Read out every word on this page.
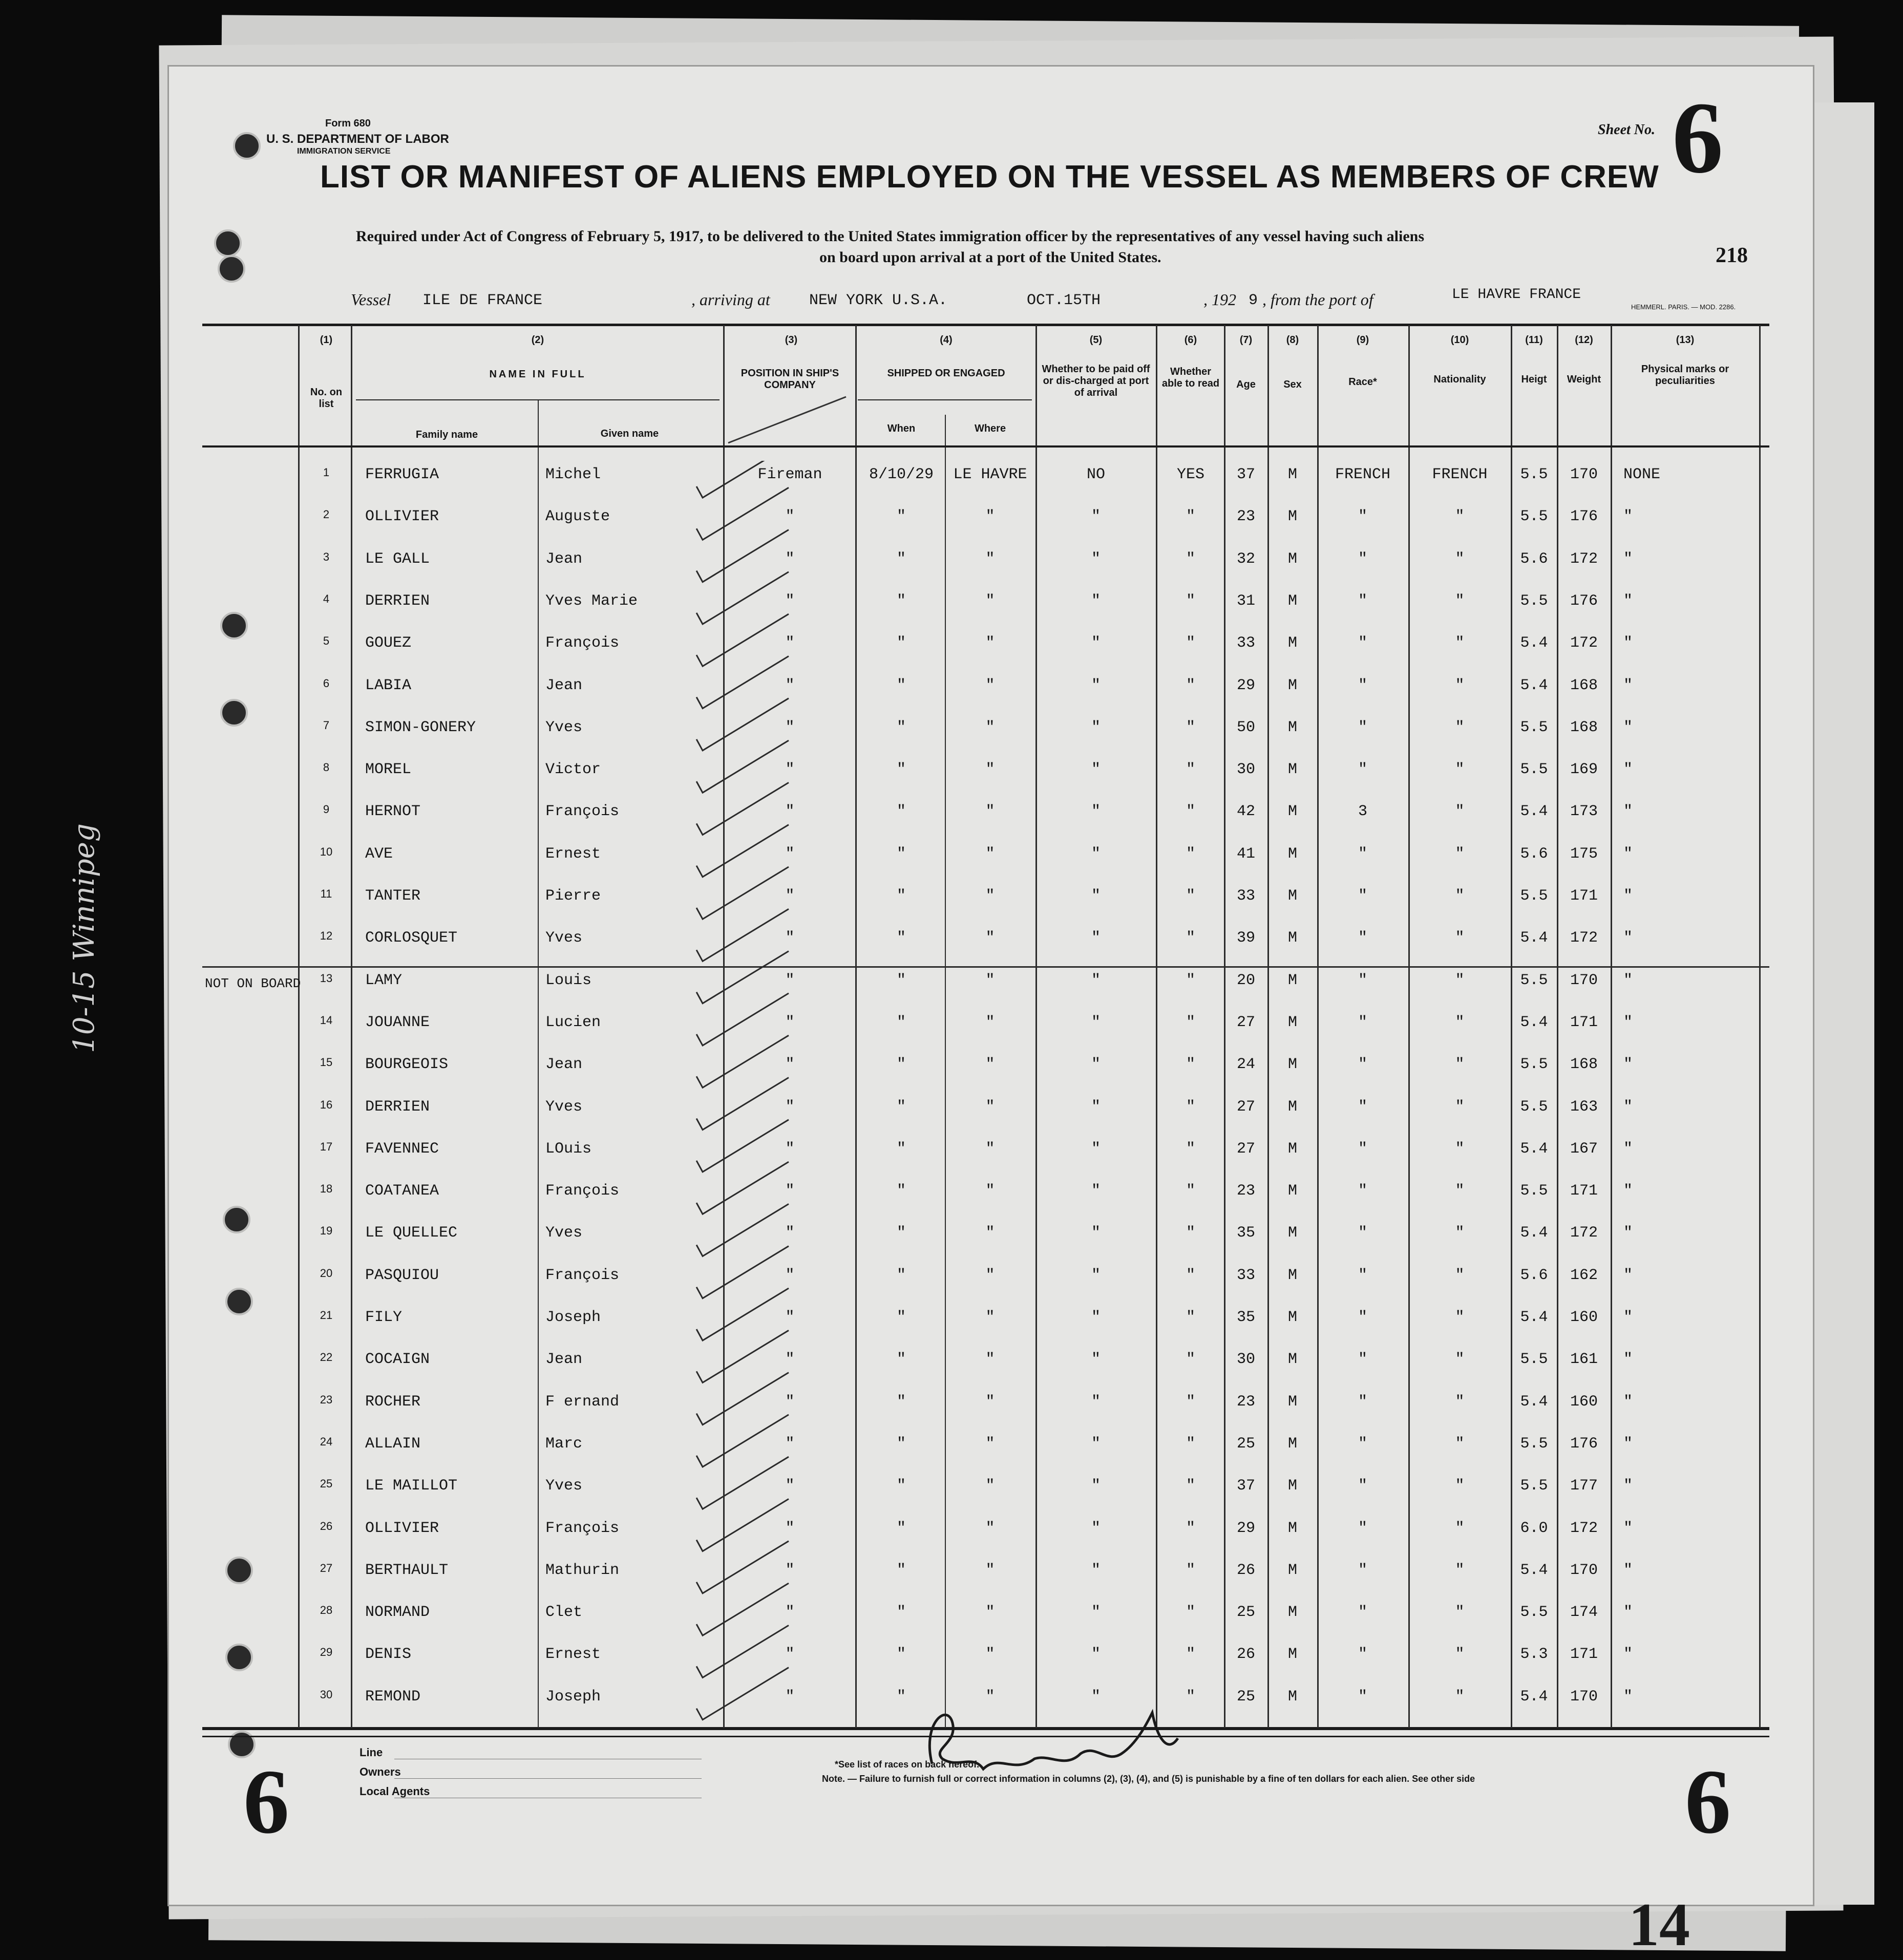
10-15 Winnipeg
Form 680
U. S. DEPARTMENT OF LABOR
IMMIGRATION SERVICE
Sheet No. 6
LIST OR MANIFEST OF ALIENS EMPLOYED ON THE VESSEL AS MEMBERS OF CREW
Required under Act of Congress of February 5, 1917, to be delivered to the United States immigration officer by the representatives of any vessel having such aliens
on board upon arrival at a port of the United States.	218
Vessel ILE DE FRANCE	, arriving at	NEW YORK U.S.A.	OCT.15TH	, 192 9 , from the port of	LE HAVRE FRANCE
HEMMERL. PARIS. — MOD. 2286.
(1)	(2)	(3)	(4)	(5)	(6)	(7)	(8)	(9)	(10)	(11)	(12)	(13)
No. on list
NAME IN FULL
Family name	Given name
POSITION IN SHIP'S COMPANY
SHIPPED OR ENGAGED
When	Where
Whether to be paid off or dis-charged at port of arrival
Whether able to read	Age	Sex	Race*	Nationality	Heigt	Weight
Physical marks or peculiarities
1	FERRUGIA	Michel	Fireman	8/10/29	LE HAVRE	NO	YES	37	M	FRENCH	FRENCH	5.5	170	NONE
2	OLLIVIER	Auguste	"	"	"	"	"	23	M	"	"	5.5	176	"
3	LE GALL	Jean	"	"	"	"	"	32	M	"	"	5.6	172	"
4	DERRIEN	Yves Marie	"	"	"	"	"	31	M	"	"	5.5	176	"
5	GOUEZ	François	"	"	"	"	"	33	M	"	"	5.4	172	"
6	LABIA	Jean	"	"	"	"	"	29	M	"	"	5.4	168	"
7	SIMON-GONERY	Yves	"	"	"	"	"	50	M	"	"	5.5	168	"
8	MOREL	Victor	"	"	"	"	"	30	M	"	"	5.5	169	"
9	HERNOT	François	"	"	"	"	"	42	M	3	"	5.4	173	"
10	AVE	Ernest	"	"	"	"	"	41	M	"	"	5.6	175	"
11	TANTER	Pierre	"	"	"	"	"	33	M	"	"	5.5	171	"
12	CORLOSQUET	Yves	"	"	"	"	"	39	M	"	"	5.4	172	"
13	LAMY	Louis	"	"	"	"	"	20	M	"	"	5.5	170	"
NOT ON BOARD
14	JOUANNE	Lucien	"	"	"	"	"	27	M	"	"	5.4	171	"
15	BOURGEOIS	Jean	"	"	"	"	"	24	M	"	"	5.5	168	"
16	DERRIEN	Yves	"	"	"	"	"	27	M	"	"	5.5	163	"
17	FAVENNEC	LOuis	"	"	"	"	"	27	M	"	"	5.4	167	"
18	COATANEA	François	"	"	"	"	"	23	M	"	"	5.5	171	"
19	LE QUELLEC	Yves	"	"	"	"	"	35	M	"	"	5.4	172	"
20	PASQUIOU	François	"	"	"	"	"	33	M	"	"	5.6	162	"
21	FILY	Joseph	"	"	"	"	"	35	M	"	"	5.4	160	"
22	COCAIGN	Jean	"	"	"	"	"	30	M	"	"	5.5	161	"
23	ROCHER	F ernand	"	"	"	"	"	23	M	"	"	5.4	160	"
24	ALLAIN	Marc	"	"	"	"	"	25	M	"	"	5.5	176	"
25	LE MAILLOT	Yves	"	"	"	"	"	37	M	"	"	5.5	177	"
26	OLLIVIER	François	"	"	"	"	"	29	M	"	"	6.0	172	"
27	BERTHAULT	Mathurin	"	"	"	"	"	26	M	"	"	5.4	170	"
28	NORMAND	Clet	"	"	"	"	"	25	M	"	"	5.5	174	"
29	DENIS	Ernest	"	"	"	"	"	26	M	"	"	5.3	171	"
30	REMOND	Joseph	"	"	"	"	"	25	M	"	"	5.4	170	"
6	6
Line
Owners
Local Agents
*See list of races on back hereof.
Note. — Failure to furnish full or correct information in columns (2), (3), (4), and (5) is punishable by a fine of ten dollars for each alien. See other side
14
